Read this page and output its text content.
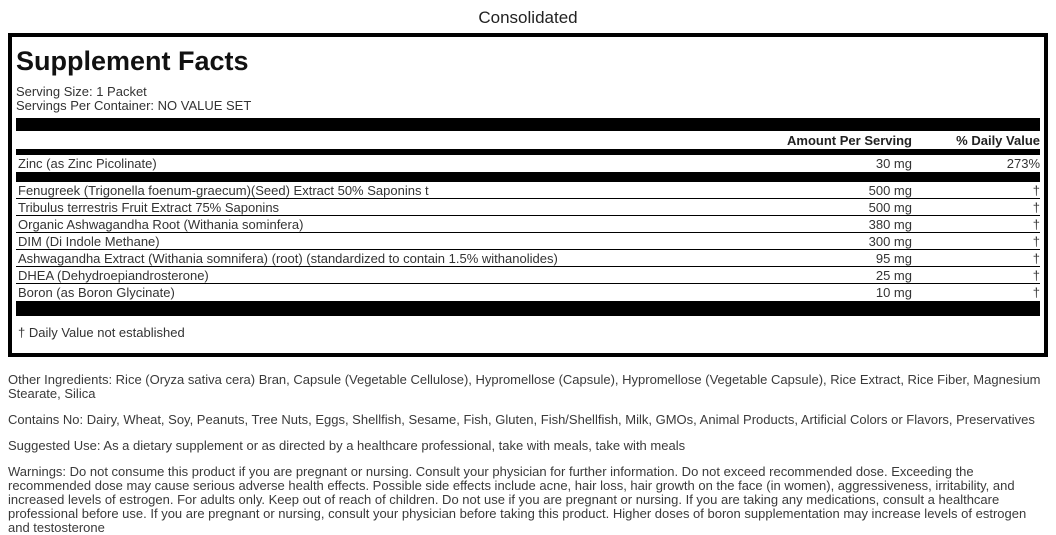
Consolidated
Supplement Facts
Serving Size: 1 Packet
Servings Per Container: NO VALUE SET
Amount Per Serving	% Daily Value
Zinc (as Zinc Picolinate)	30 mg	273%
Fenugreek (Trigonella foenum-graecum)(Seed) Extract 50% Saponins t	500 mg	†
Tribulus terrestris Fruit Extract 75% Saponins	500 mg	†
Organic Ashwagandha Root (Withania sominfera)	380 mg	†
DIM (Di Indole Methane)	300 mg	†
Ashwagandha Extract (Withania somnifera) (root) (standardized to contain 1.5% withanolides)	95 mg	†
DHEA (Dehydroepiandrosterone)	25 mg	†
Boron (as Boron Glycinate)	10 mg	†
† Daily Value not established

Other Ingredients: Rice (Oryza sativa cera) Bran, Capsule (Vegetable Cellulose), Hypromellose (Capsule), Hypromellose (Vegetable Capsule), Rice Extract, Rice Fiber, Magnesium Stearate, Silica

Contains No: Dairy, Wheat, Soy, Peanuts, Tree Nuts, Eggs, Shellfish, Sesame, Fish, Gluten, Fish/Shellfish, Milk, GMOs, Animal Products, Artificial Colors or Flavors, Preservatives

Suggested Use: As a dietary supplement or as directed by a healthcare professional, take with meals, take with meals

Warnings: Do not consume this product if you are pregnant or nursing. Consult your physician for further information. Do not exceed recommended dose. Exceeding the recommended dose may cause serious adverse health effects. Possible side effects include acne, hair loss, hair growth on the face (in women), aggressiveness, irritability, and increased levels of estrogen. For adults only. Keep out of reach of children. Do not use if you are pregnant or nursing. If you are taking any medications, consult a healthcare professional before use. If you are pregnant or nursing, consult your physician before taking this product. Higher doses of boron supplementation may increase levels of estrogen and testosterone
